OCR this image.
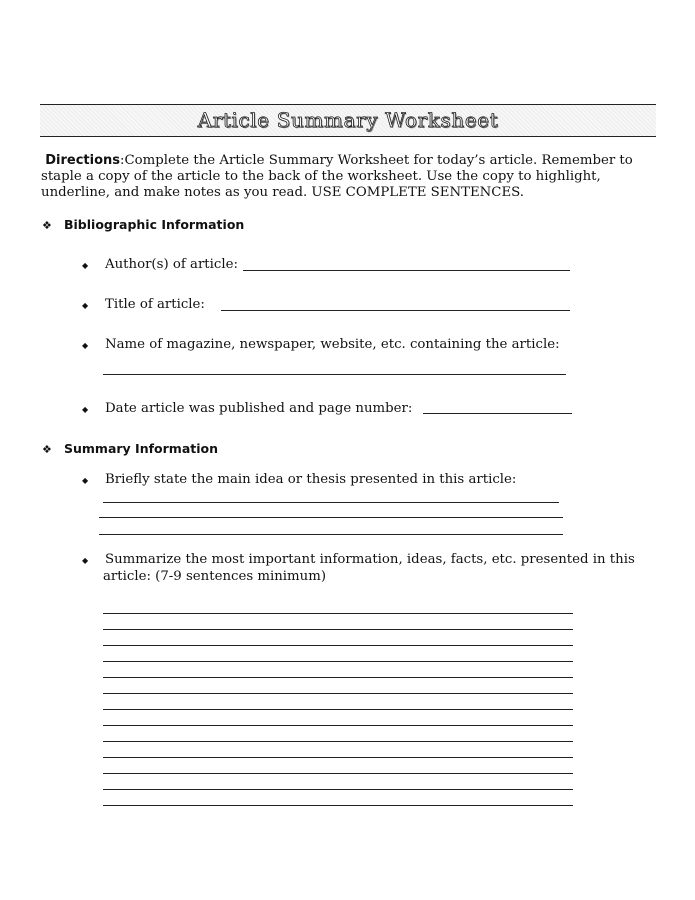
Article Summary Worksheet
Directions:Complete the Article Summary Worksheet for today’s article. Remember to
staple a copy of the article to the back of the worksheet. Use the copy to highlight,
underline, and make notes as you read. USE COMPLETE SENTENCES.
❖ Bibliographic Information
◆ Author(s) of article:
◆ Title of article:
◆ Name of magazine, newspaper, website, etc. containing the article:
◆ Date article was published and page number:
❖ Summary Information
◆ Briefly state the main idea or thesis presented in this article:
◆ Summarize the most important information, ideas, facts, etc. presented in this
article: (7-9 sentences minimum)
